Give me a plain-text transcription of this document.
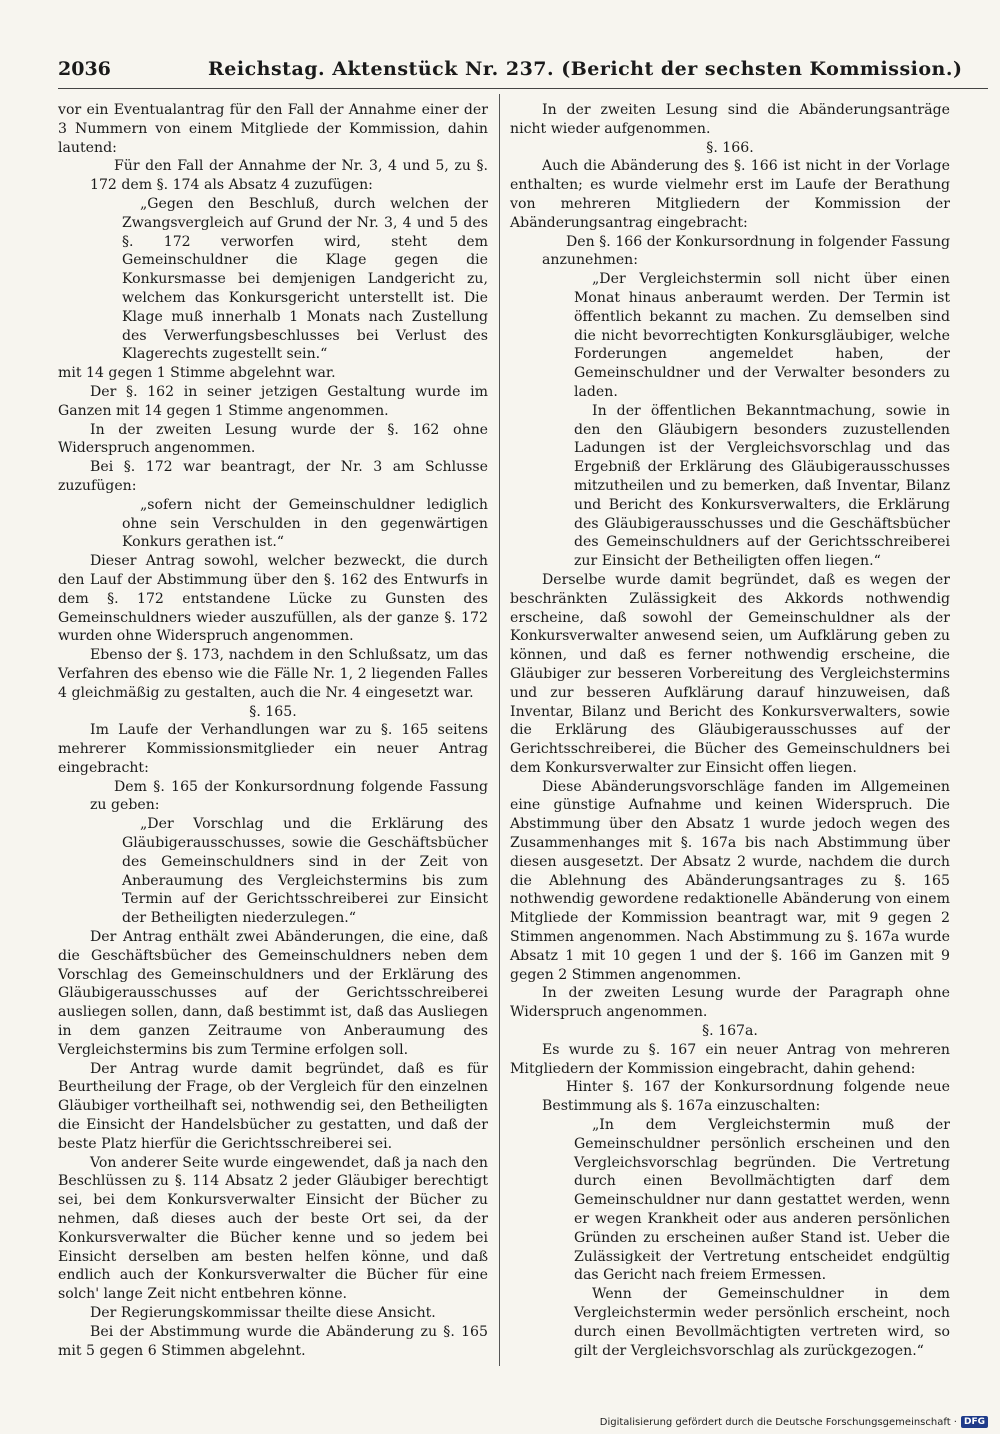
2036	Reichstag. Aktenstück Nr. 237. (Bericht der sechsten Kommission.)

vor ein Eventualantrag für den Fall der Annahme einer der 3 Nummern von einem Mitgliede der Kommission, dahin lautend:

Für den Fall der Annahme der Nr. 3, 4 und 5, zu §. 172 dem §. 174 als Absatz 4 zuzufügen:

„Gegen den Beschluß, durch welchen der Zwangsvergleich auf Grund der Nr. 3, 4 und 5 des §. 172 verworfen wird, steht dem Gemeinschuldner die Klage gegen die Konkursmasse bei demjenigen Landgericht zu, welchem das Konkursgericht unterstellt ist. Die Klage muß innerhalb 1 Monats nach Zustellung des Verwerfungsbeschlusses bei Verlust des Klagerechts zugestellt sein.“

mit 14 gegen 1 Stimme abgelehnt war.

Der §. 162 in seiner jetzigen Gestaltung wurde im Ganzen mit 14 gegen 1 Stimme angenommen.

In der zweiten Lesung wurde der §. 162 ohne Widerspruch angenommen.

Bei §. 172 war beantragt, der Nr. 3 am Schlusse zuzufügen:

„sofern nicht der Gemeinschuldner lediglich ohne sein Verschulden in den gegenwärtigen Konkurs gerathen ist.“

Dieser Antrag sowohl, welcher bezweckt, die durch den Lauf der Abstimmung über den §. 162 des Entwurfs in dem §. 172 entstandene Lücke zu Gunsten des Gemeinschuldners wieder auszufüllen, als der ganze §. 172 wurden ohne Widerspruch angenommen.

Ebenso der §. 173, nachdem in den Schlußsatz, um das Verfahren des ebenso wie die Fälle Nr. 1, 2 liegenden Falles 4 gleichmäßig zu gestalten, auch die Nr. 4 eingesetzt war.

§. 165.

Im Laufe der Verhandlungen war zu §. 165 seitens mehrerer Kommissionsmitglieder ein neuer Antrag eingebracht:

Dem §. 165 der Konkursordnung folgende Fassung zu geben:

„Der Vorschlag und die Erklärung des Gläubigerausschusses, sowie die Geschäftsbücher des Gemeinschuldners sind in der Zeit von Anberaumung des Vergleichstermins bis zum Termin auf der Gerichtsschreiberei zur Einsicht der Betheiligten niederzulegen.“

Der Antrag enthält zwei Abänderungen, die eine, daß die Geschäftsbücher des Gemeinschuldners neben dem Vorschlag des Gemeinschuldners und der Erklärung des Gläubigerausschusses auf der Gerichtsschreiberei ausliegen sollen, dann, daß bestimmt ist, daß das Ausliegen in dem ganzen Zeitraume von Anberaumung des Vergleichstermins bis zum Termine erfolgen soll.

Der Antrag wurde damit begründet, daß es für Beurtheilung der Frage, ob der Vergleich für den einzelnen Gläubiger vortheilhaft sei, nothwendig sei, den Betheiligten die Einsicht der Handelsbücher zu gestatten, und daß der beste Platz hierfür die Gerichtsschreiberei sei.

Von anderer Seite wurde eingewendet, daß ja nach den Beschlüssen zu §. 114 Absatz 2 jeder Gläubiger berechtigt sei, bei dem Konkursverwalter Einsicht der Bücher zu nehmen, daß dieses auch der beste Ort sei, da der Konkursverwalter die Bücher kenne und so jedem bei Einsicht derselben am besten helfen könne, und daß endlich auch der Konkursverwalter die Bücher für eine solch' lange Zeit nicht entbehren könne.

Der Regierungskommissar theilte diese Ansicht.

Bei der Abstimmung wurde die Abänderung zu §. 165 mit 5 gegen 6 Stimmen abgelehnt.

In der zweiten Lesung sind die Abänderungsanträge nicht wieder aufgenommen.

§. 166.

Auch die Abänderung des §. 166 ist nicht in der Vorlage enthalten; es wurde vielmehr erst im Laufe der Berathung von mehreren Mitgliedern der Kommission der Abänderungsantrag eingebracht:

Den §. 166 der Konkursordnung in folgender Fassung anzunehmen:

„Der Vergleichstermin soll nicht über einen Monat hinaus anberaumt werden. Der Termin ist öffentlich bekannt zu machen. Zu demselben sind die nicht bevorrechtigten Konkursgläubiger, welche Forderungen angemeldet haben, der Gemeinschuldner und der Verwalter besonders zu laden.

In der öffentlichen Bekanntmachung, sowie in den den Gläubigern besonders zuzustellenden Ladungen ist der Vergleichsvorschlag und das Ergebniß der Erklärung des Gläubigerausschusses mitzutheilen und zu bemerken, daß Inventar, Bilanz und Bericht des Konkursverwalters, die Erklärung des Gläubigerausschusses und die Geschäftsbücher des Gemeinschuldners auf der Gerichtsschreiberei zur Einsicht der Betheiligten offen liegen.“

Derselbe wurde damit begründet, daß es wegen der beschränkten Zulässigkeit des Akkords nothwendig erscheine, daß sowohl der Gemeinschuldner als der Konkursverwalter anwesend seien, um Aufklärung geben zu können, und daß es ferner nothwendig erscheine, die Gläubiger zur besseren Vorbereitung des Vergleichstermins und zur besseren Aufklärung darauf hinzuweisen, daß Inventar, Bilanz und Bericht des Konkursverwalters, sowie die Erklärung des Gläubigerausschusses auf der Gerichtsschreiberei, die Bücher des Gemeinschuldners bei dem Konkursverwalter zur Einsicht offen liegen.

Diese Abänderungsvorschläge fanden im Allgemeinen eine günstige Aufnahme und keinen Widerspruch. Die Abstimmung über den Absatz 1 wurde jedoch wegen des Zusammenhanges mit §. 167a bis nach Abstimmung über diesen ausgesetzt. Der Absatz 2 wurde, nachdem die durch die Ablehnung des Abänderungsantrages zu §. 165 nothwendig gewordene redaktionelle Abänderung von einem Mitgliede der Kommission beantragt war, mit 9 gegen 2 Stimmen angenommen. Nach Abstimmung zu §. 167a wurde Absatz 1 mit 10 gegen 1 und der §. 166 im Ganzen mit 9 gegen 2 Stimmen angenommen.

In der zweiten Lesung wurde der Paragraph ohne Widerspruch angenommen.

§. 167a.

Es wurde zu §. 167 ein neuer Antrag von mehreren Mitgliedern der Kommission eingebracht, dahin gehend:

Hinter §. 167 der Konkursordnung folgende neue Bestimmung als §. 167a einzuschalten:

„In dem Vergleichstermin muß der Gemeinschuldner persönlich erscheinen und den Vergleichsvorschlag begründen. Die Vertretung durch einen Bevollmächtigten darf dem Gemeinschuldner nur dann gestattet werden, wenn er wegen Krankheit oder aus anderen persönlichen Gründen zu erscheinen außer Stand ist. Ueber die Zulässigkeit der Vertretung entscheidet endgültig das Gericht nach freiem Ermessen.

Wenn der Gemeinschuldner in dem Vergleichstermin weder persönlich erscheint, noch durch einen Bevollmächtigten vertreten wird, so gilt der Vergleichsvorschlag als zurückgezogen.“

Digitalisierung gefördert durch die Deutsche Forschungsgemeinschaft · DFG
